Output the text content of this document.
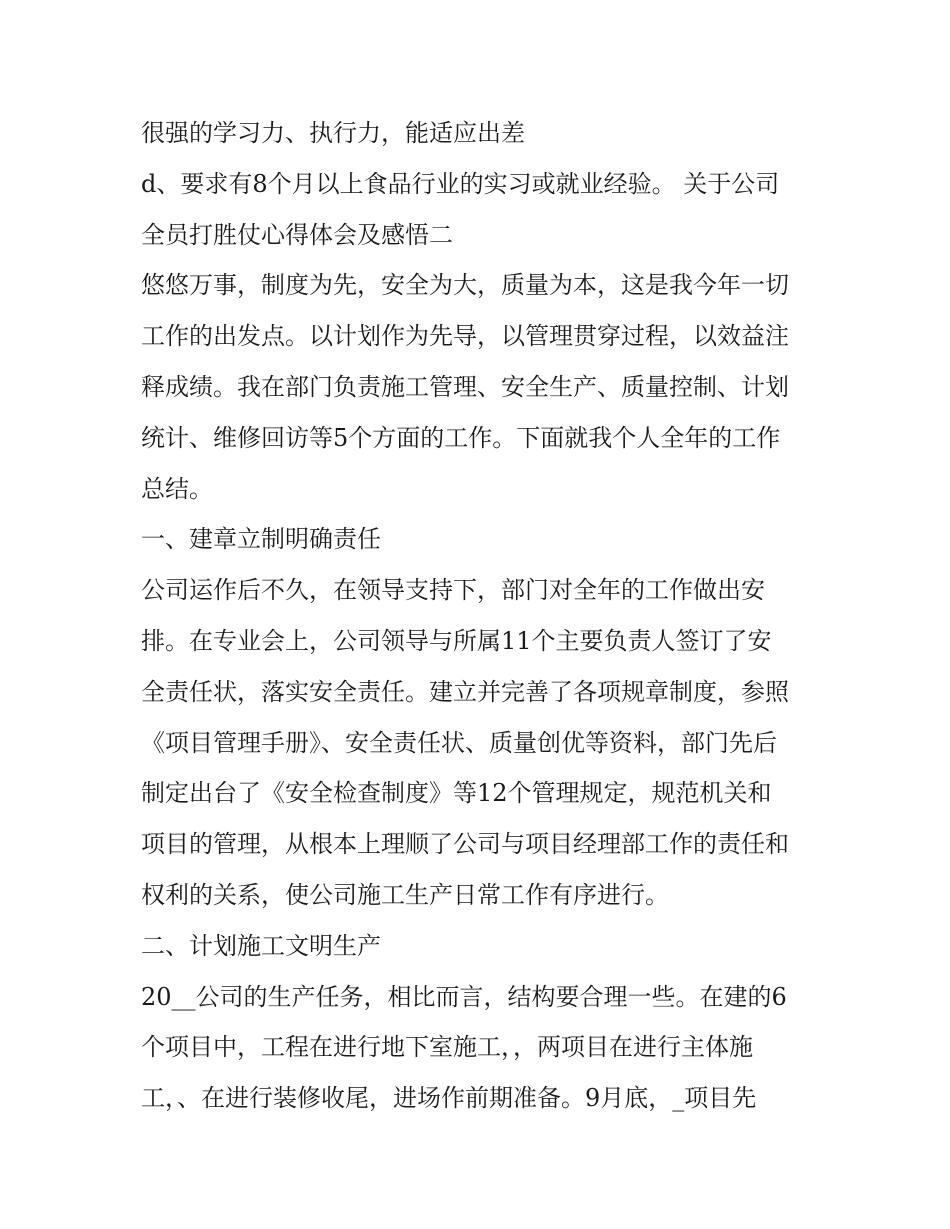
很强的学习力、执行力，能适应出差
d、要求有8个月以上食品行业的实习或就业经验。 关于公司
全员打胜仗心得体会及感悟二
悠悠万事，制度为先，安全为大，质量为本，这是我今年一切
工作的出发点。以计划作为先导，以管理贯穿过程，以效益注
释成绩。我在部门负责施工管理、安全生产、质量控制、计划
统计、维修回访等5个方面的工作。下面就我个人全年的工作
总结。
一、建章立制明确责任
公司运作后不久，在领导支持下，部门对全年的工作做出安
排。在专业会上，公司领导与所属11个主要负责人签订了安
全责任状，落实安全责任。建立并完善了各项规章制度，参照
《项目管理手册》、安全责任状、质量创优等资料，部门先后
制定出台了《安全检查制度》等12个管理规定，规范机关和
项目的管理，从根本上理顺了公司与项目经理部工作的责任和
权利的关系，使公司施工生产日常工作有序进行。
二、计划施工文明生产
20__公司的生产任务，相比而言，结构要合理一些。在建的6
个项目中，工程在进行地下室施工，，两项目在进行主体施
工，、在进行装修收尾，进场作前期准备。9月底，_项目先
